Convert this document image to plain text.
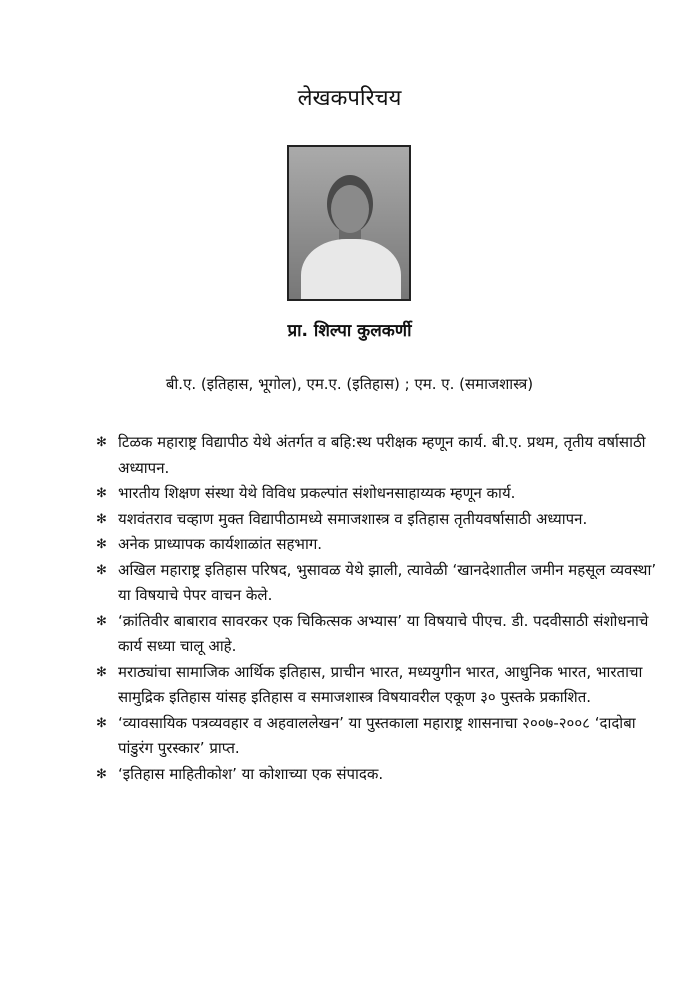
लेखकपरिचय
प्रा. शिल्पा कुलकर्णी
बी.ए. (इतिहास, भूगोल), एम.ए. (इतिहास) ; एम. ए. (समाजशास्त्र)
✻ टिळक महाराष्ट्र विद्यापीठ येथे अंतर्गत व बहि:स्थ परीक्षक म्हणून कार्य. बी.ए. प्रथम, तृतीय वर्षासाठी अध्यापन.
✻ भारतीय शिक्षण संस्था येथे विविध प्रकल्पांत संशोधनसाहाय्यक म्हणून कार्य.
✻ यशवंतराव चव्हाण मुक्त विद्यापीठामध्ये समाजशास्त्र व इतिहास तृतीयवर्षासाठी अध्यापन.
✻ अनेक प्राध्यापक कार्यशाळांत सहभाग.
✻ अखिल महाराष्ट्र इतिहास परिषद, भुसावळ येथे झाली, त्यावेळी ‘खानदेशातील जमीन महसूल व्यवस्था’ या विषयाचे पेपर वाचन केले.
✻ ‘क्रांतिवीर बाबाराव सावरकर एक चिकित्सक अभ्यास’ या विषयाचे पीएच. डी. पदवीसाठी संशोधनाचे कार्य सध्या चालू आहे.
✻ मराठ्यांचा सामाजिक आर्थिक इतिहास, प्राचीन भारत, मध्ययुगीन भारत, आधुनिक भारत, भारताचा सामुद्रिक इतिहास यांसह इतिहास व समाजशास्त्र विषयावरील एकूण ३० पुस्तके प्रकाशित.
✻ ‘व्यावसायिक पत्रव्यवहार व अहवाललेखन’ या पुस्तकाला महाराष्ट्र शासनाचा २००७-२००८ ‘दादोबा पांडुरंग पुरस्कार’ प्राप्त.
✻ ‘इतिहास माहितीकोश’ या कोशाच्या एक संपादक.
